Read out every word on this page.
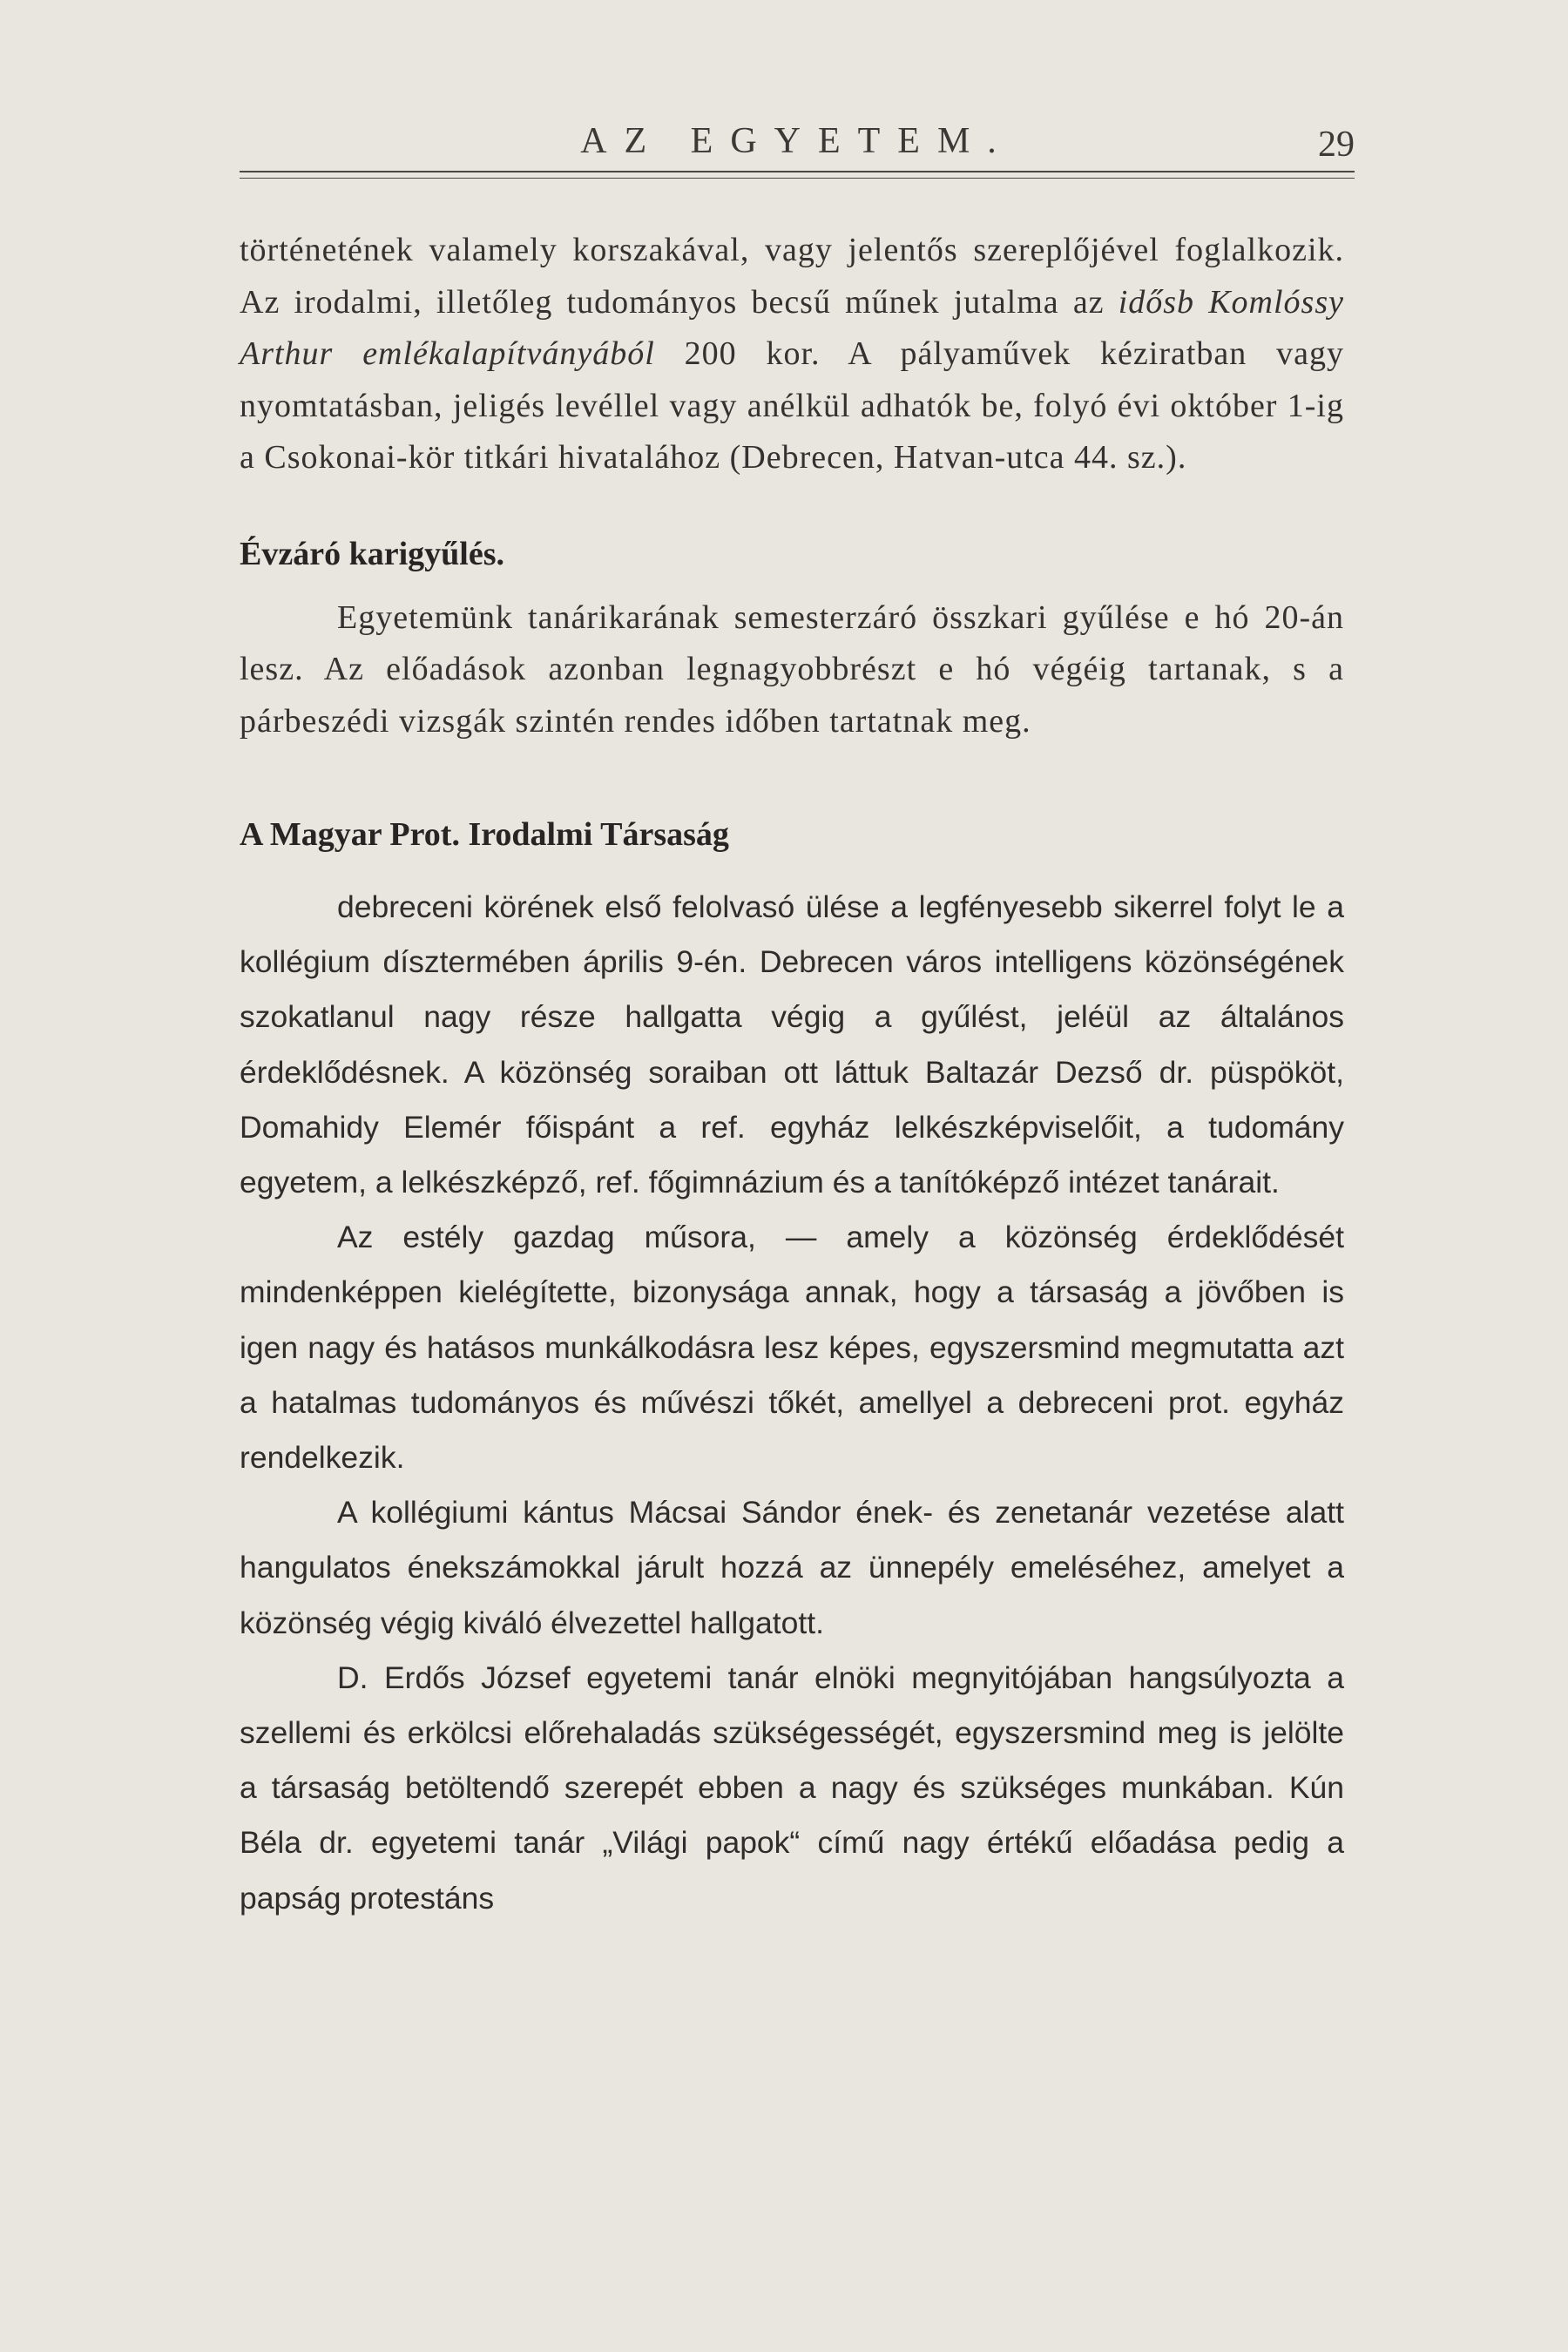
AZ EGYETEM.	29

történetének valamely korszakával, vagy jelentős szereplőjével foglalkozik. Az irodalmi, illetőleg tudományos becsű műnek jutalma az idősb Komlóssy Arthur emlékalapítványából 200 kor. A pályaművek kéziratban vagy nyomtatásban, jeligés levéllel vagy anélkül adhatók be, folyó évi október 1-ig a Csokonai-kör titkári hivatalához (Debrecen, Hatvan-utca 44. sz.).

Évzáró karigyűlés.

Egyetemünk tanárikarának semesterzáró összkari gyűlése e hó 20-án lesz. Az előadások azonban legnagyobbrészt e hó végéig tartanak, s a párbeszédi vizsgák szintén rendes időben tartatnak meg.

A Magyar Prot. Irodalmi Társaság

debreceni körének első felolvasó ülése a legfényesebb sikerrel folyt le a kollégium dísztermében április 9-én. Debrecen város intelligens közönségének szokatlanul nagy része hallgatta végig a gyűlést, jeléül az általános érdeklődésnek. A közönség soraiban ott láttuk Baltazár Dezső dr. püspököt, Domahidy Elemér főispánt a ref. egyház lelkészképviselőit, a tudomány egyetem, a lelkészképző, ref. főgimnázium és a tanítóképző intézet tanárait.

Az estély gazdag műsora, — amely a közönség érdeklődését mindenképpen kielégítette, bizonysága annak, hogy a társaság a jövőben is igen nagy és hatásos munkálkodásra lesz képes, egyszersmind megmutatta azt a hatalmas tudományos és művészi tőkét, amellyel a debreceni prot. egyház rendelkezik.

A kollégiumi kántus Mácsai Sándor ének- és zenetanár vezetése alatt hangulatos énekszámokkal járult hozzá az ünnepély emeléséhez, amelyet a közönség végig kiváló élvezettel hallgatott.

D. Erdős József egyetemi tanár elnöki megnyitójában hangsúlyozta a szellemi és erkölcsi előrehaladás szükségességét, egyszersmind meg is jelölte a társaság betöltendő szerepét ebben a nagy és szükséges munkában. Kún Béla dr. egyetemi tanár „Világi papok“ című nagy értékű előadása pedig a papság protestáns
